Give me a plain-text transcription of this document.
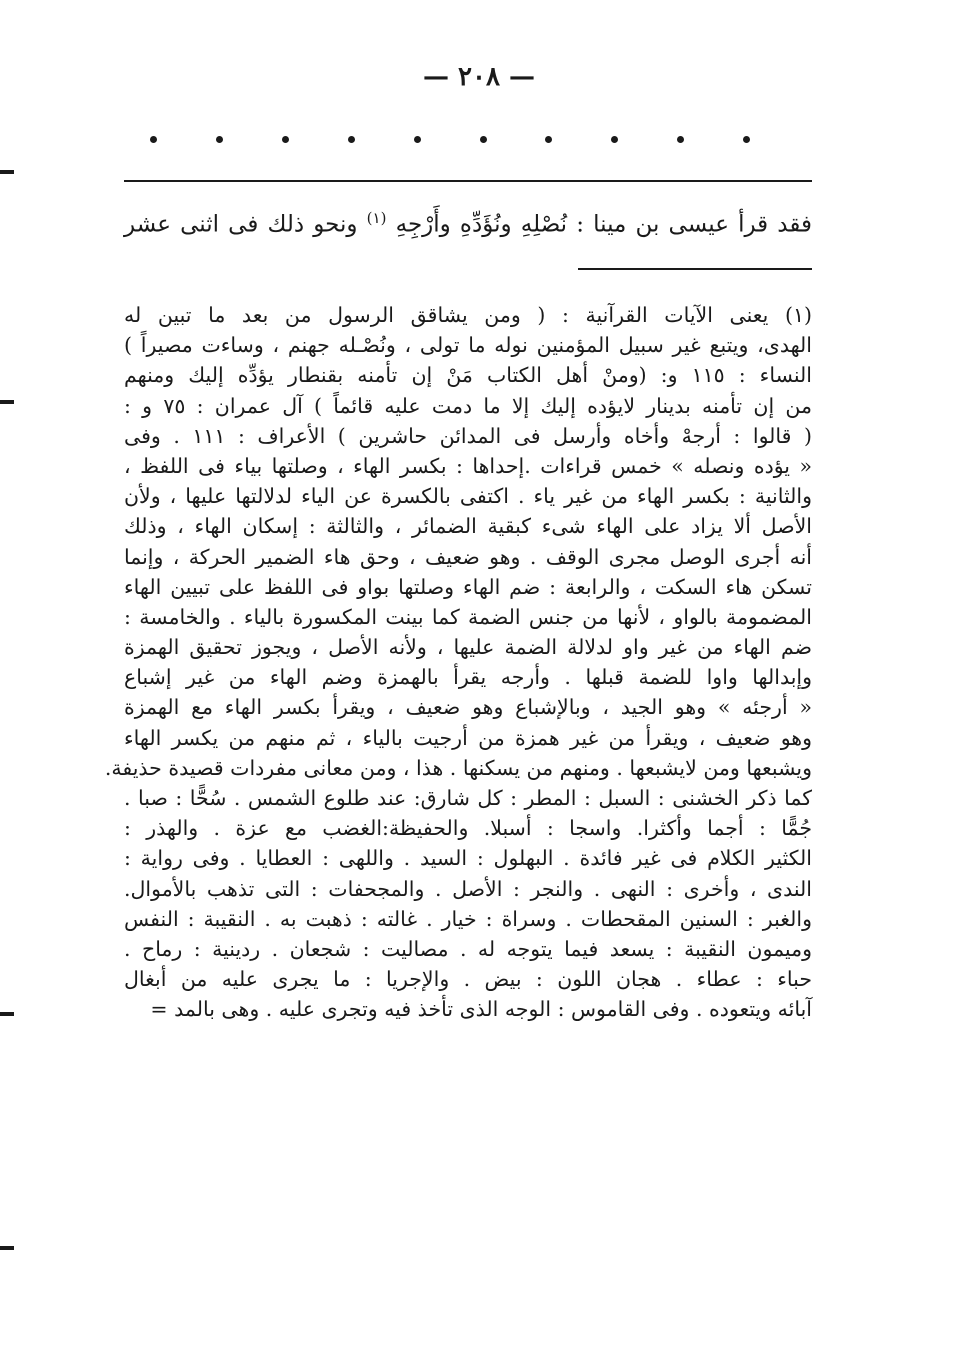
— ٢٠٨ —
فقد قرأ عيسى بن مينا : نُصْلِهِ ونُؤَدِّهِ وأَرْجِهِ $^{(١)}$ ونحو ذلك فى اثنى عشر
(١) يعنى الآيات القرآنية : ( ومن يشاقق الرسول من بعد ما تبين له
الهدى، ويتبع غير سبيل المؤمنين نوله ما تولى ، ونُصْـله جهنم ، وساءت مصيراً )
النساء : ١١٥ و: (ومنْ أهل الكتاب مَنْ إن تأمنه بقنطار يؤدِّه إليك ومنهم
من إن تأمنه بدينار لايؤده إليك إلا ما دمت عليه قائماً ) آل عمران : ٧٥ و :
( قالوا : أرجهْ وأخاه وأرسل فى المدائن حاشرين ) الأعراف : ١١١ . وفى
« يؤده ونصله » خمس قراءات .إحداها : بكسر الهاء ، وصلتها بياء فى اللفظ ،
والثانية : بكسر الهاء من غير ياء . اكتفى بالكسرة عن الياء لدلالتها عليها ، ولأن
الأصل ألا يزاد على الهاء شىء كبقية الضمائر ، والثالثة : إسكان الهاء ، وذلك
أنه أجرى الوصل مجرى الوقف . وهو ضعيف ، وحق هاء الضمير الحركة ، وإنما
تسكن هاء السكت ، والرابعة : ضم الهاء وصلتها بواو فى اللفظ على تبيين الهاء
المضمومة بالواو ، لأنها من جنس الضمة كما بينت المكسورة بالياء . والخامسة :
ضم الهاء من غير واو لدلالة الضمة عليها ، ولأنه الأصل ، ويجوز تحقيق الهمزة
وإبدالها واوا للضمة قبلها . وأرجه يقرأ بالهمزة وضم الهاء من غير إشباع
« أرجئه » وهو الجيد ، وبالإشباع وهو ضعيف ، ويقرأ بكسر الهاء مع الهمزة
وهو ضعيف ، ويقرأ من غير همزة من أرجيت بالياء ، ثم منهم من يكسر الهاء
ويشبعها ومن لايشبعها . ومنهم من يسكنها . هذا ، ومن معانى مفردات قصيدة حذيفة.
كما ذكر الخشنى : السبل : المطر : كل شارق: عند طلوع الشمس . سُحًّا : صبا .
جُمًّا : أجما وأكثرا. واسجا : أسبلا. والحفيظة:الغضب مع عزة . والهذر :
الكثير الكلام فى غير فائدة . البهلول : السيد . واللهى : العطايا . وفى رواية :
الندى ، وأخرى : النهى . والنجر : الأصل . والمجحفات : التى تذهب بالأموال.
والغبر : السنين المقحطات . وسراة : خيار . غالته : ذهبت به . النقيبة : النفس
وميمون النقيبة : يسعد فيما يتوجه له . مصاليت : شجعان . ردينية : رماح .
حباء : عطاء . هجان اللون : بيض . والإجريا : ما يجرى عليه من أبغال
آبائه ويتعوده . وفى القاموس : الوجه الذى تأخذ فيه وتجرى عليه . وهى بالمد =
